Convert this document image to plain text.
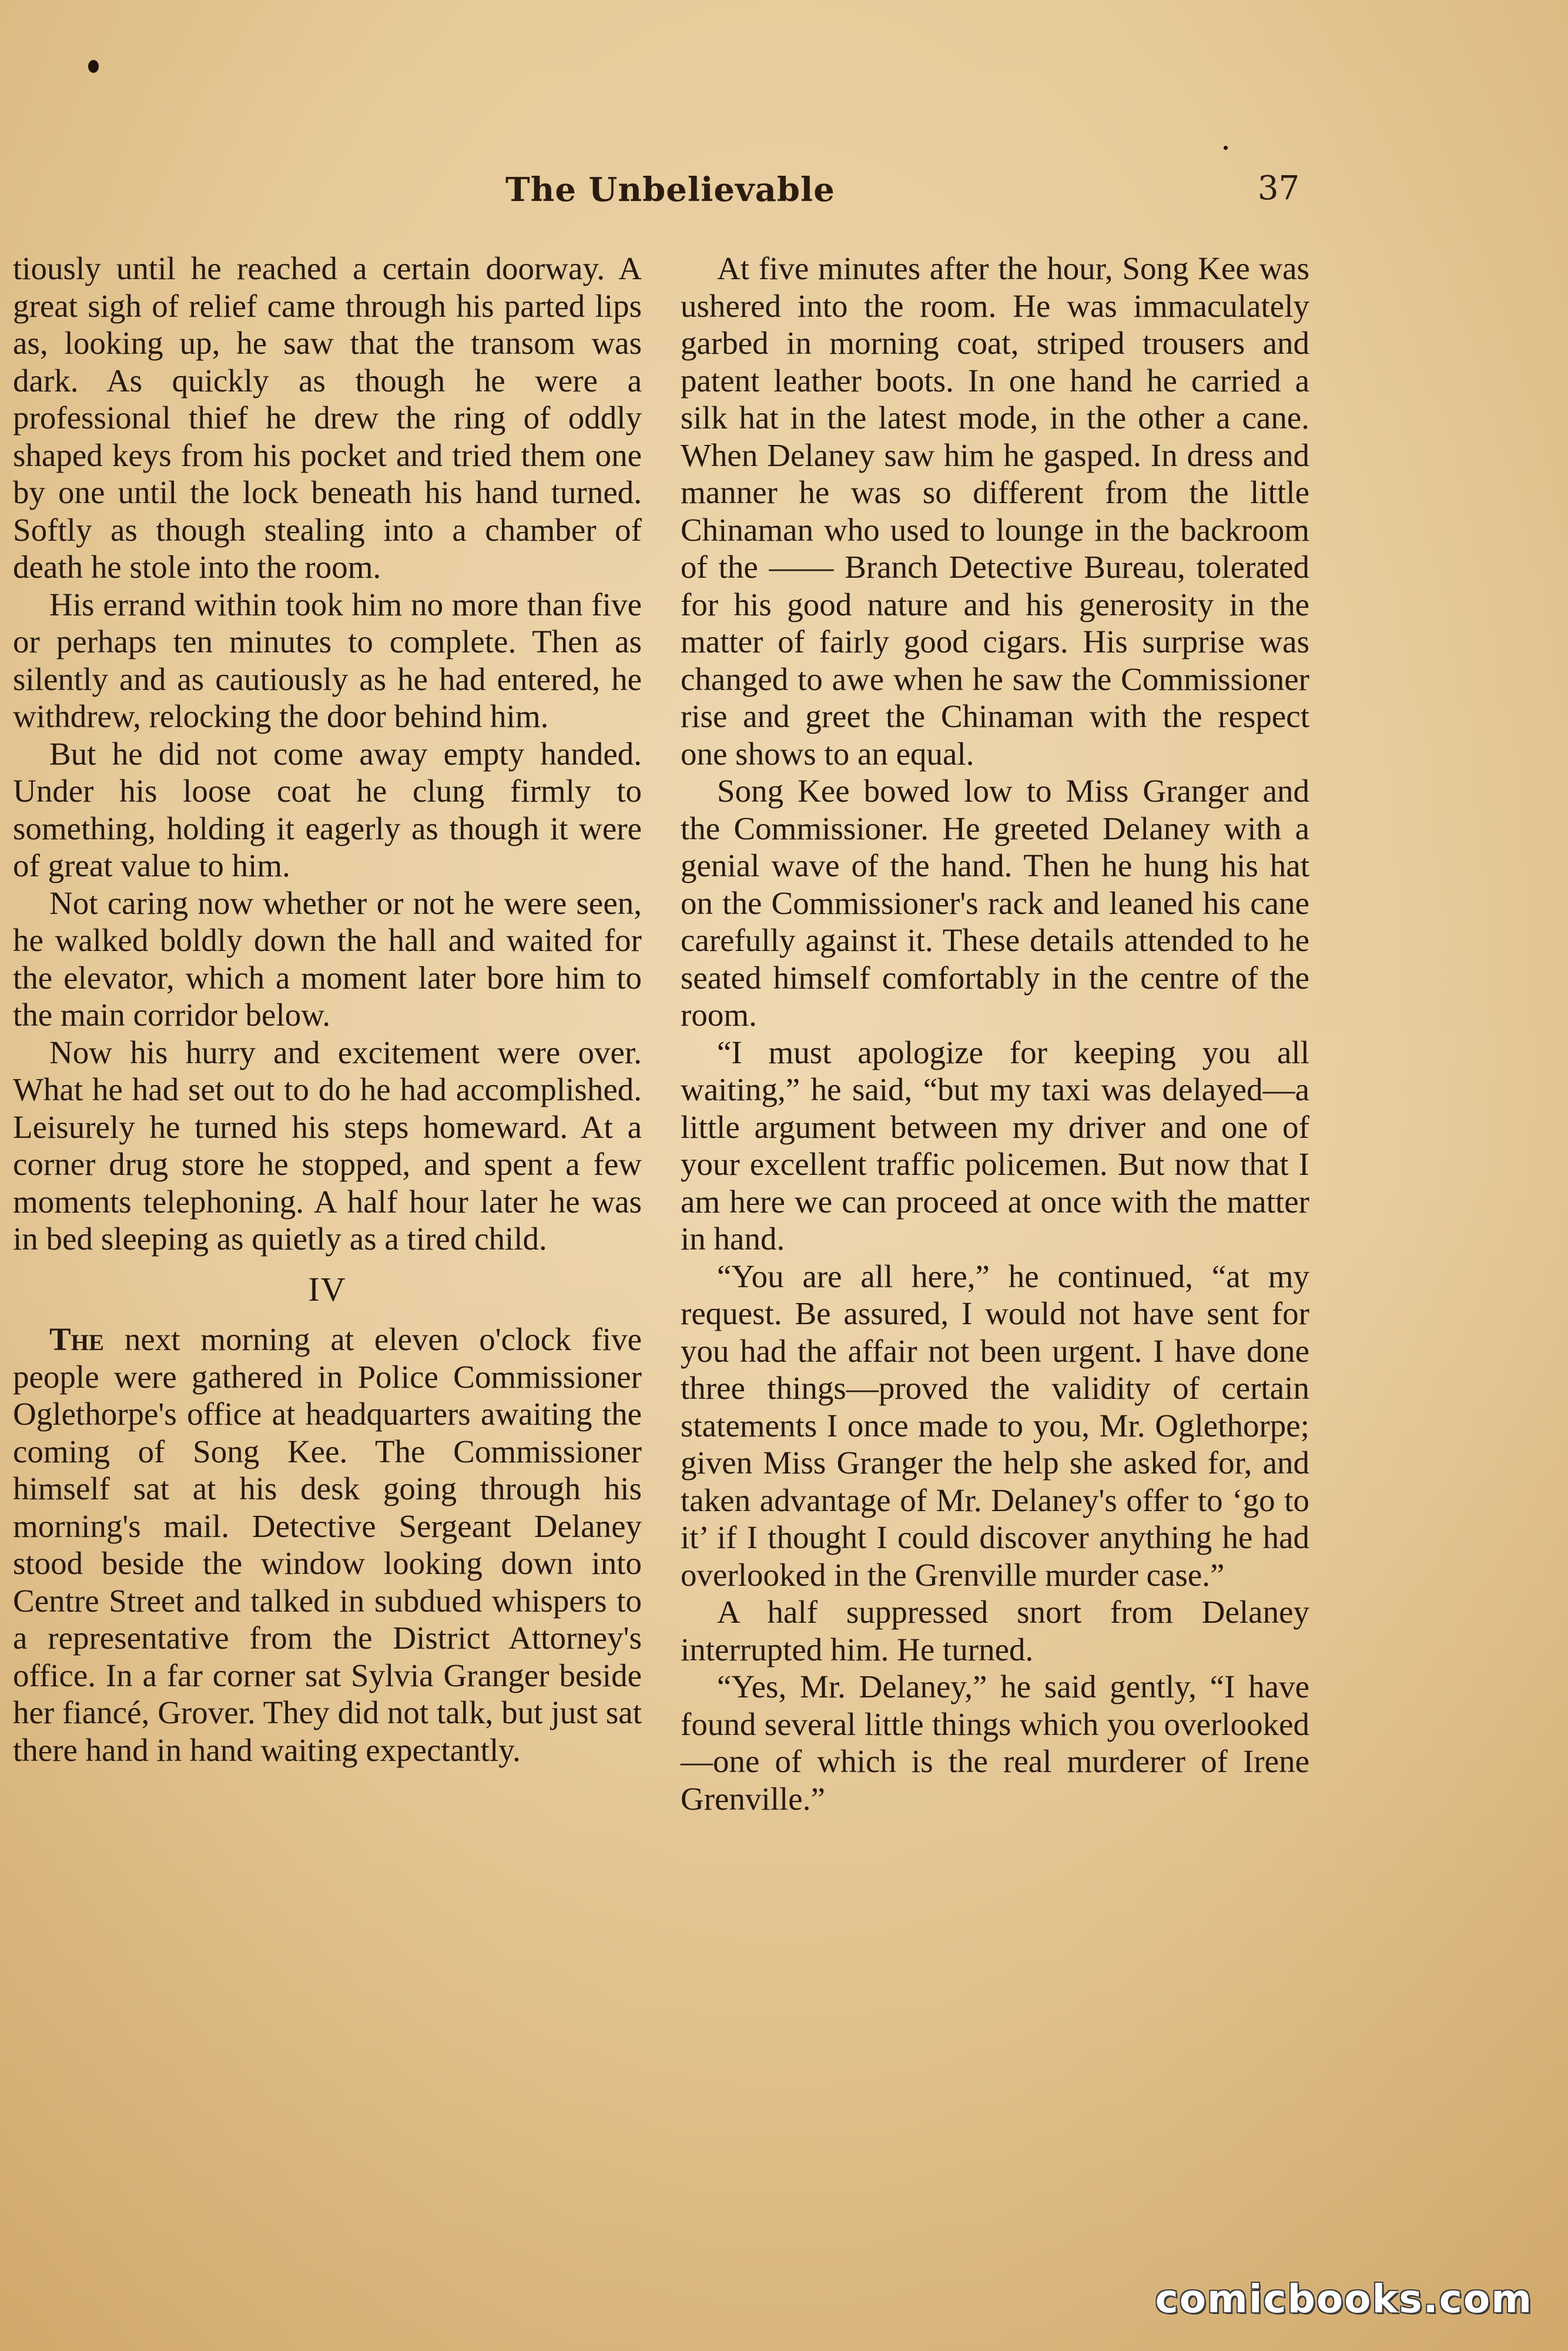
The Unbelievable	37

tiously until he reached a certain doorway. A great sigh of relief came through his parted lips as, looking up, he saw that the transom was dark. As quickly as though he were a professional thief he drew the ring of oddly shaped keys from his pocket and tried them one by one until the lock beneath his hand turned. Softly as though stealing into a chamber of death he stole into the room.

His errand within took him no more than five or perhaps ten minutes to complete. Then as silently and as cautiously as he had entered, he withdrew, relocking the door behind him.

But he did not come away empty handed. Under his loose coat he clung firmly to something, holding it eagerly as though it were of great value to him.

Not caring now whether or not he were seen, he walked boldly down the hall and waited for the elevator, which a moment later bore him to the main corridor below.

Now his hurry and excitement were over. What he had set out to do he had accomplished. Leisurely he turned his steps homeward. At a corner drug store he stopped, and spent a few moments telephoning. A half hour later he was in bed sleeping as quietly as a tired child.

IV

The next morning at eleven o'clock five people were gathered in Police Commissioner Oglethorpe's office at headquarters awaiting the coming of Song Kee. The Commissioner himself sat at his desk going through his morning's mail. Detective Sergeant Delaney stood beside the window looking down into Centre Street and talked in subdued whispers to a representative from the District Attorney's office. In a far corner sat Sylvia Granger beside her fiancé, Grover. They did not talk, but just sat there hand in hand waiting expectantly.

At five minutes after the hour, Song Kee was ushered into the room. He was immaculately garbed in morning coat, striped trousers and patent leather boots. In one hand he carried a silk hat in the latest mode, in the other a cane. When Delaney saw him he gasped. In dress and manner he was so different from the little Chinaman who used to lounge in the backroom of the —— Branch Detective Bureau, tolerated for his good nature and his generosity in the matter of fairly good cigars. His surprise was changed to awe when he saw the Commissioner rise and greet the Chinaman with the respect one shows to an equal.

Song Kee bowed low to Miss Granger and the Commissioner. He greeted Delaney with a genial wave of the hand. Then he hung his hat on the Commissioner's rack and leaned his cane carefully against it. These details attended to he seated himself comfortably in the centre of the room.

“I must apologize for keeping you all waiting,” he said, “but my taxi was delayed—a little argument between my driver and one of your excellent traffic policemen. But now that I am here we can proceed at once with the matter in hand.

“You are all here,” he continued, “at my request. Be assured, I would not have sent for you had the affair not been urgent. I have done three things—proved the validity of certain statements I once made to you, Mr. Oglethorpe; given Miss Granger the help she asked for, and taken advantage of Mr. Delaney's offer to ‘go to it’ if I thought I could discover anything he had overlooked in the Grenville murder case.”

A half suppressed snort from Delaney interrupted him. He turned.

“Yes, Mr. Delaney,” he said gently, “I have found several little things which you overlooked—one of which is the real murderer of Irene Grenville.”

comicbooks.com
